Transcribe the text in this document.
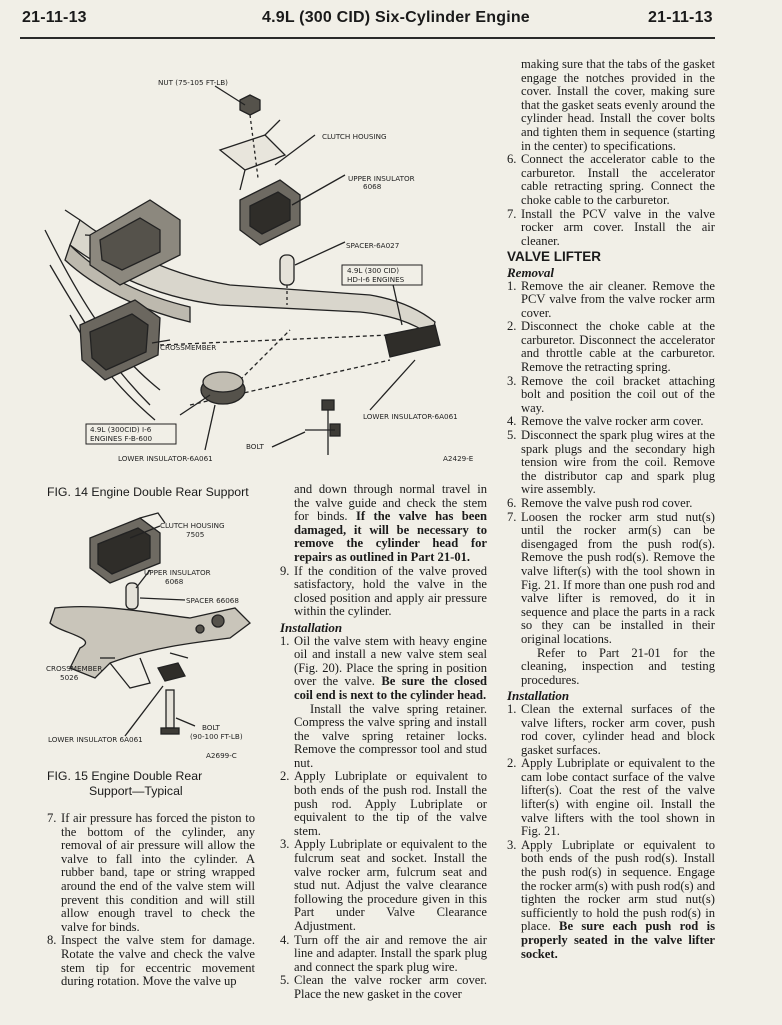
21-11-13	4.9L (300 CID) Six-Cylinder Engine	21-11-13
NUT (75-105 FT-LB)
CLUTCH HOUSING
UPPER INSULATOR
6068
SPACER-6A027
4.9L (300 CID)
HD-I-6 ENGINES
CROSSMEMBER
LOWER INSULATOR-6A061
4.9L (300CID) I-6
ENGINES F-B-600
BOLT
LOWER INSULATOR-6A061	A2429-E
FIG. 14 Engine Double Rear Support
CLUTCH HOUSING
7505
UPPER INSULATOR
6068
SPACER 66068
CROSSMEMBER
5026
BOLT
(90-100 FT-LB)
LOWER INSULATOR 6A061
A2699-C
FIG. 15 Engine Double Rear
Support—Typical
7. If air pressure has forced the piston to the bottom of the cylinder, any removal of air pressure will allow the valve to fall into the cylinder. A rubber band, tape or string wrapped around the end of the valve stem will prevent this condition and will still allow enough travel to check the valve for binds.
8. Inspect the valve stem for damage. Rotate the valve and check the valve stem tip for eccentric movement during rotation. Move the valve up

and down through normal travel in the valve guide and check the stem for binds. If the valve has been damaged, it will be necessary to remove the cylinder head for repairs as outlined in Part 21-01.

9. If the condition of the valve proved satisfactory, hold the valve in the closed position and apply air pressure within the cylinder.

Installation

1. Oil the valve stem with heavy engine oil and install a new valve stem seal (Fig. 20). Place the spring in position over the valve. Be sure the closed coil end is next to the cylinder head.

Install the valve spring retainer. Compress the valve spring and install the valve spring retainer locks. Remove the compressor tool and stud nut.

2. Apply Lubriplate or equivalent to both ends of the push rod. Install the push rod. Apply Lubriplate or equivalent to the tip of the valve stem.
3. Apply Lubriplate or equivalent to the fulcrum seat and socket. Install the valve rocker arm, fulcrum seat and stud nut. Adjust the valve clearance following the procedure given in this Part under Valve Clearance Adjustment.
4. Turn off the air and remove the air line and adapter. Install the spark plug and connect the spark plug wire.
5. Clean the valve rocker arm cover. Place the new gasket in the cover

making sure that the tabs of the gasket engage the notches provided in the cover. Install the cover, making sure that the gasket seats evenly around the cylinder head. Install the cover bolts and tighten them in sequence (starting in the center) to specifications.

6. Connect the accelerator cable to the carburetor. Install the accelerator cable retracting spring. Connect the choke cable to the carburetor.
7. Install the PCV valve in the valve rocker arm cover. Install the air cleaner.

VALVE LIFTER

Removal

1. Remove the air cleaner. Remove the PCV valve from the valve rocker arm cover.
2. Disconnect the choke cable at the carburetor. Disconnect the accelerator and throttle cable at the carburetor. Remove the retracting spring.
3. Remove the coil bracket attaching bolt and position the coil out of the way.
4. Remove the valve rocker arm cover.
5. Disconnect the spark plug wires at the spark plugs and the secondary high tension wire from the coil. Remove the distributor cap and spark plug wire assembly.
6. Remove the valve push rod cover.
7. Loosen the rocker arm stud nut(s) until the rocker arm(s) can be disengaged from the push rod(s). Remove the push rod(s). Remove the valve lifter(s) with the tool shown in Fig. 21. If more than one push rod and valve lifter is removed, do it in sequence and place the parts in a rack so they can be installed in their original locations.

Refer to Part 21-01 for the cleaning, inspection and testing procedures.

Installation

1. Clean the external surfaces of the valve lifters, rocker arm cover, push rod cover, cylinder head and block gasket surfaces.
2. Apply Lubriplate or equivalent to the cam lobe contact surface of the valve lifter(s). Coat the rest of the valve lifter(s) with engine oil. Install the valve lifters with the tool shown in Fig. 21.
3. Apply Lubriplate or equivalent to both ends of the push rod(s). Install the push rod(s) in sequence. Engage the rocker arm(s) with push rod(s) and tighten the rocker arm stud nut(s) sufficiently to hold the push rod(s) in place. Be sure each push rod is properly seated in the valve lifter socket.
